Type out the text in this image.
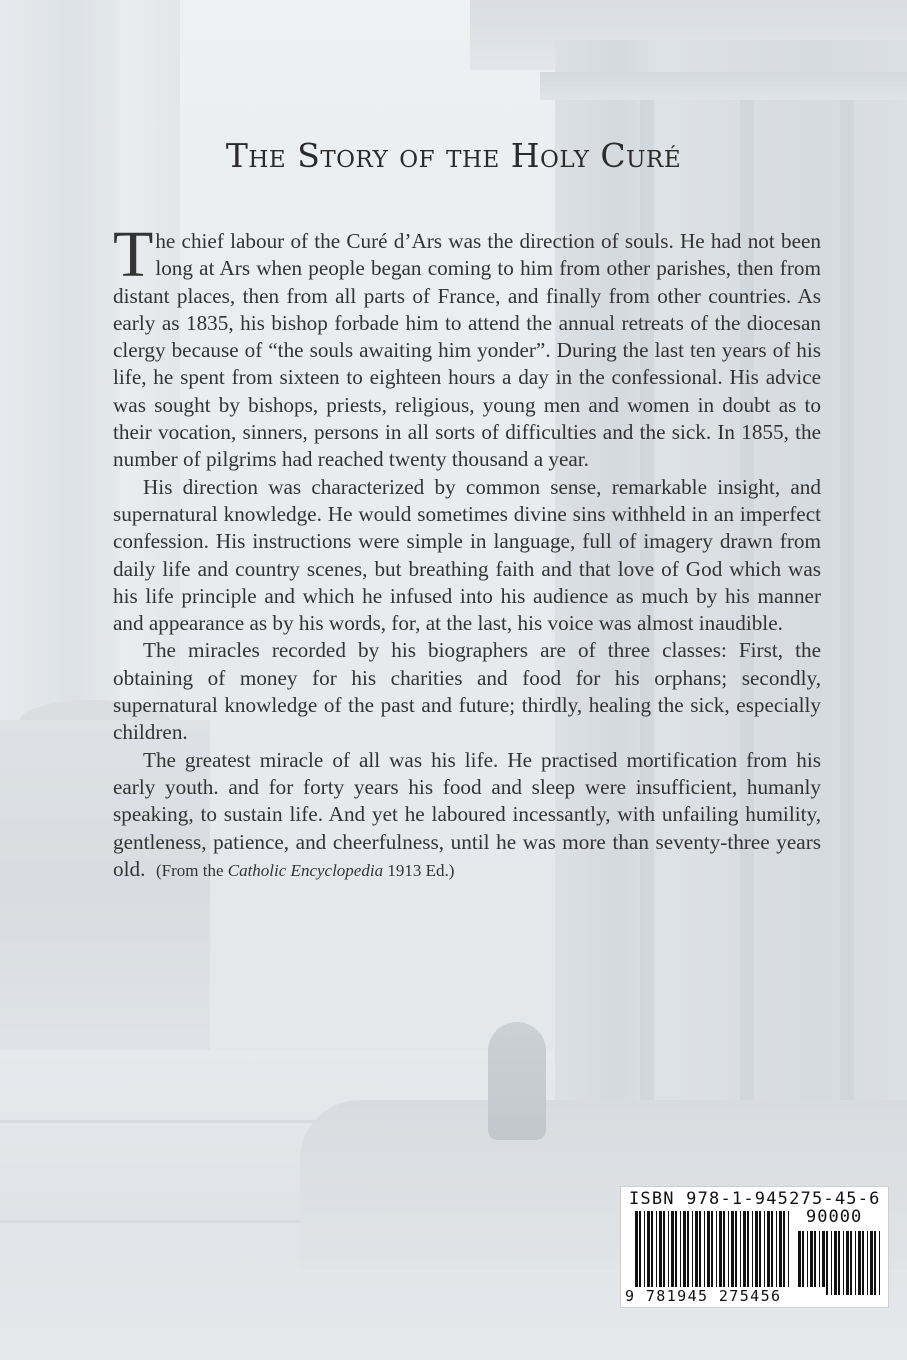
The Story of the Holy Curé

The chief labour of the Curé d’Ars was the direction of souls. He had not been long at Ars when people began coming to him from other parishes, then from distant places, then from all parts of France, and finally from other countries. As early as 1835, his bishop forbade him to attend the annual retreats of the diocesan clergy because of “the souls awaiting him yonder”. During the last ten years of his life, he spent from sixteen to eighteen hours a day in the confessional. His advice was sought by bishops, priests, religious, young men and women in doubt as to their vocation, sinners, persons in all sorts of difficulties and the sick. In 1855, the number of pilgrims had reached twenty thousand a year.

His direction was characterized by common sense, remarkable insight, and supernatural knowledge. He would sometimes divine sins withheld in an imperfect confession. His instructions were simple in language, full of imagery drawn from daily life and country scenes, but breathing faith and that love of God which was his life principle and which he infused into his audience as much by his manner and appearance as by his words, for, at the last, his voice was almost inaudible.

The miracles recorded by his biographers are of three classes: First, the obtaining of money for his charities and food for his orphans; secondly, supernatural knowledge of the past and future; thirdly, healing the sick, especially children.

The greatest miracle of all was his life. He practised mortification from his early youth. and for forty years his food and sleep were insufficient, humanly speaking, to sustain life. And yet he laboured incessantly, with unfailing humility, gentleness, patience, and cheerfulness, until he was more than seventy-three years old. (From the Catholic Encyclopedia 1913 Ed.)

ISBN 978-1-945275-45-6
90000
9 781945 275456
